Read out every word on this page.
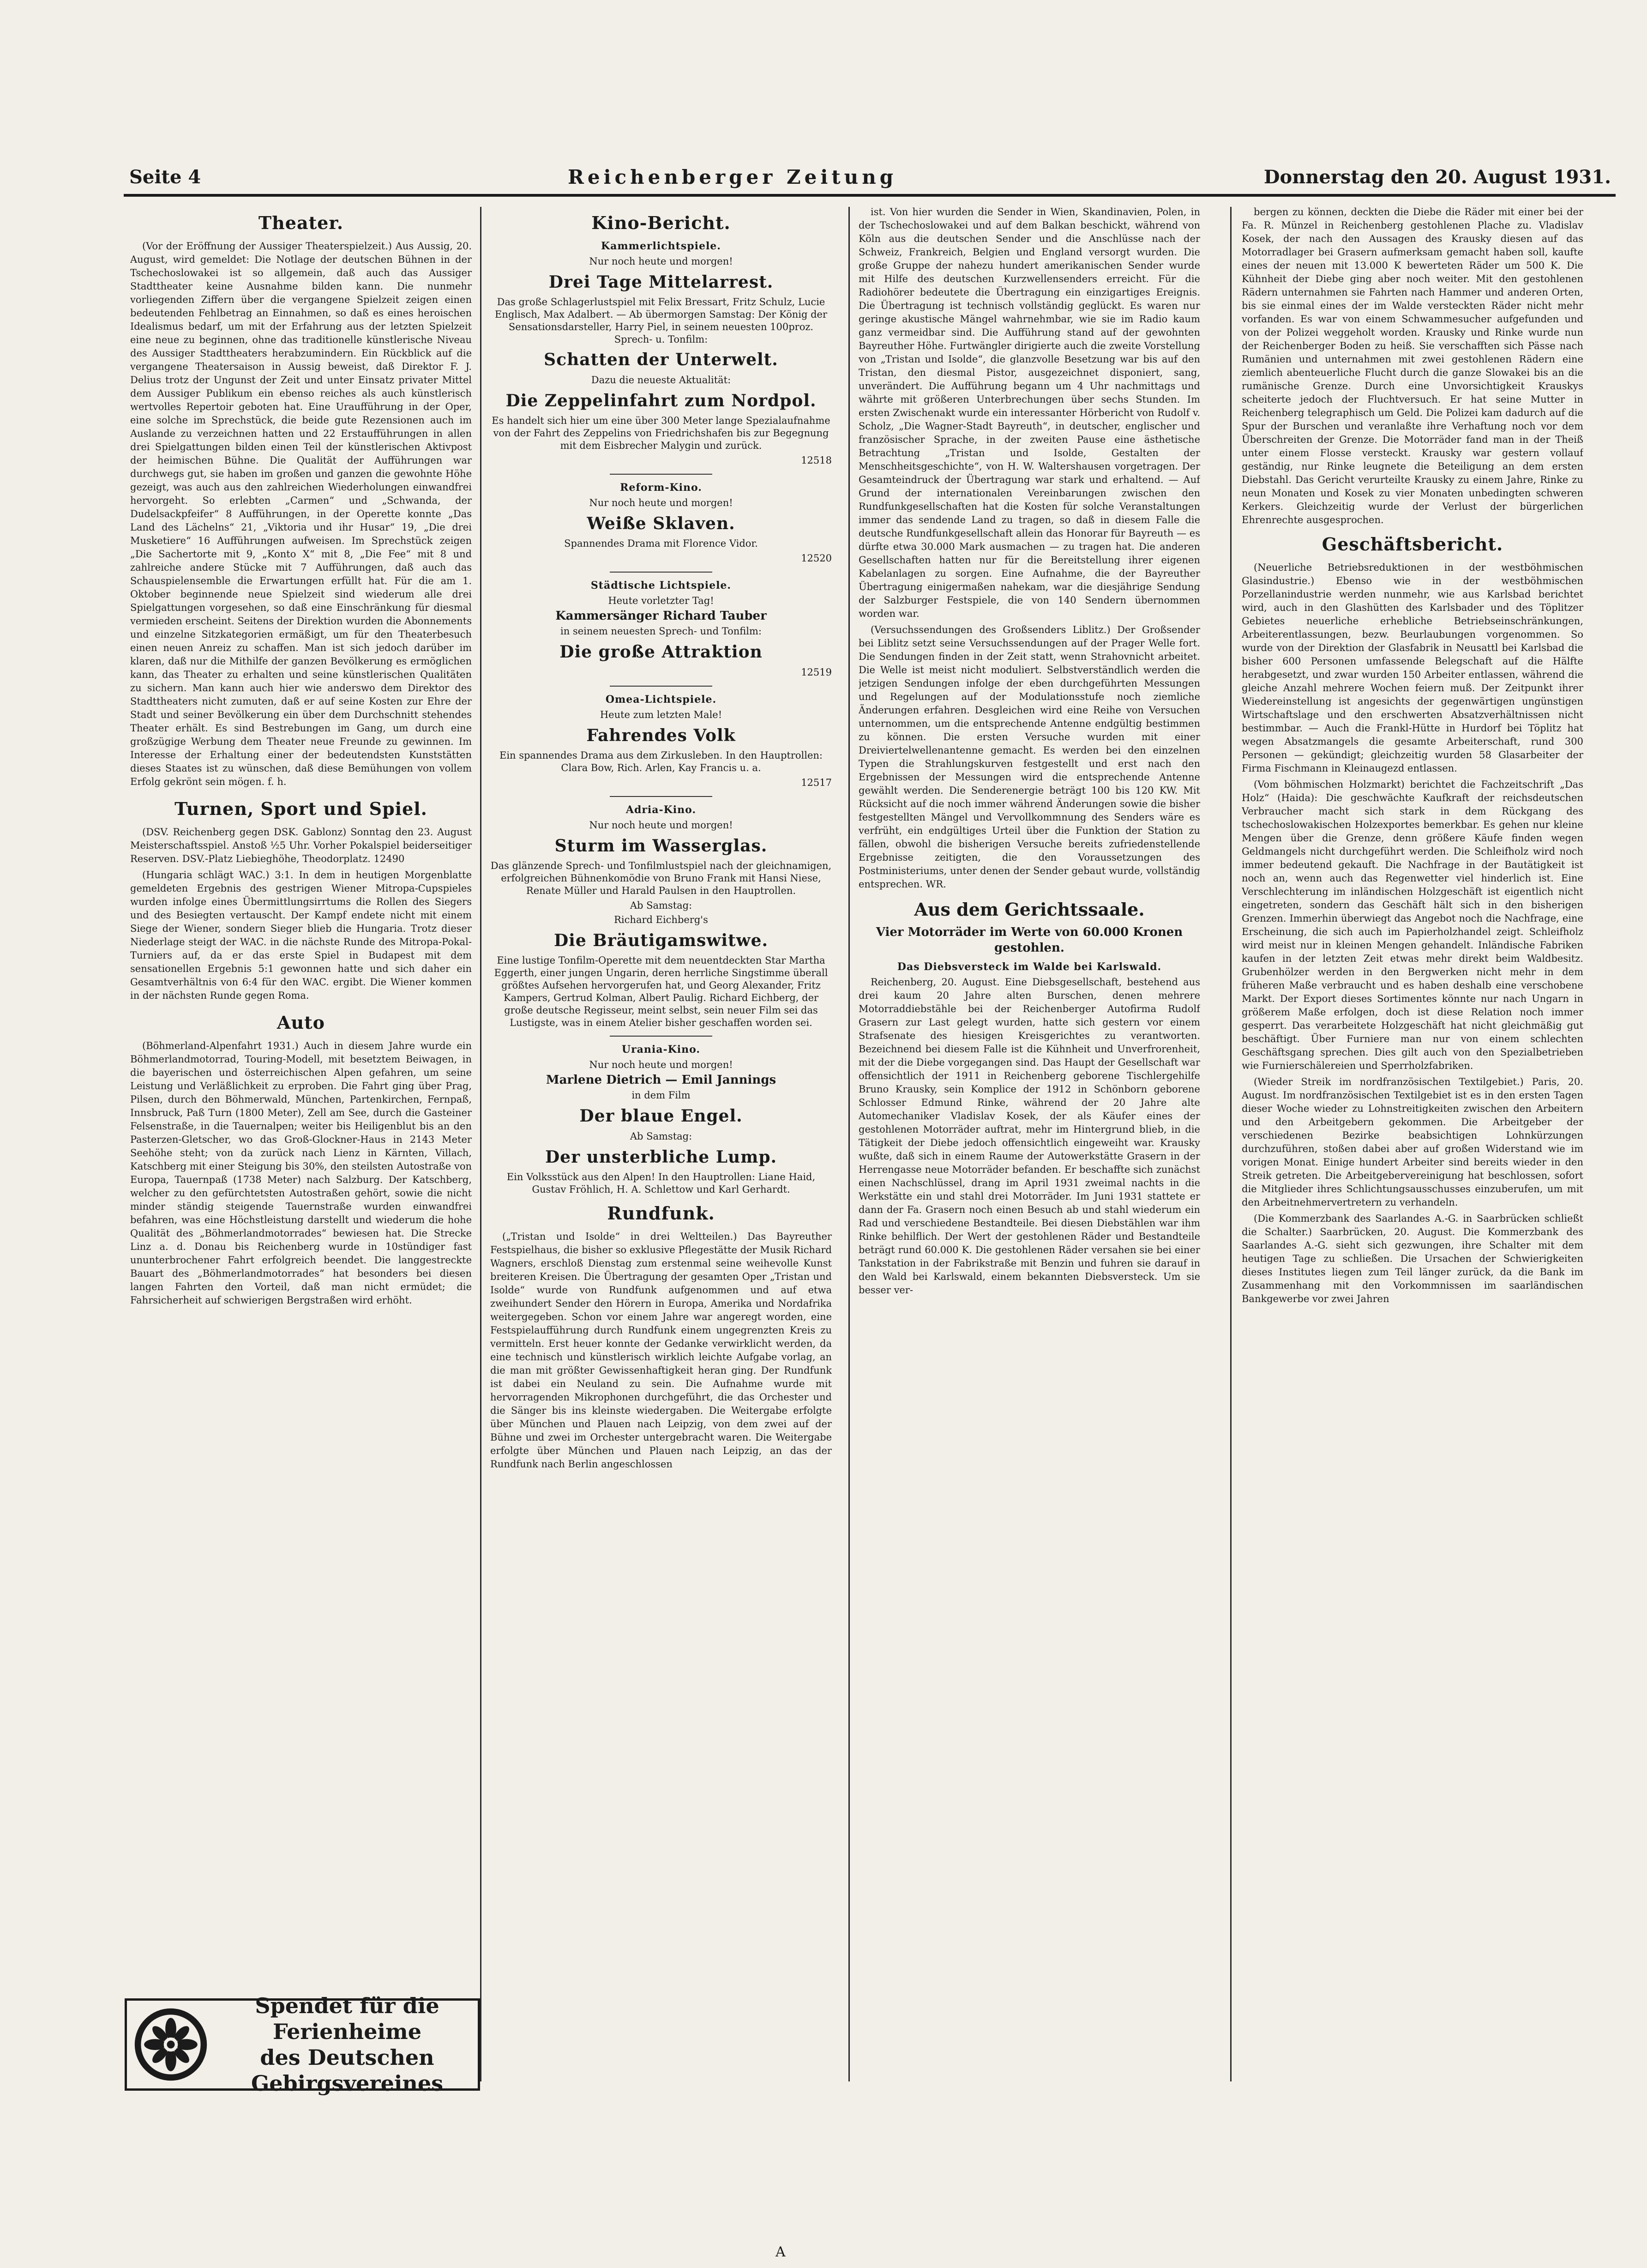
Seite 4	Reichenberger Zeitung	Donnerstag den 20. August 1931.
Theater.

(Vor der Eröffnung der Aussiger Theaterspielzeit.) Aus Aussig, 20. August, wird gemeldet: Die Notlage der deutschen Bühnen in der Tschechoslowakei ist so allgemein, daß auch das Aussiger Stadttheater keine Ausnahme bilden kann. Die nunmehr vorliegenden Ziffern über die vergangene Spielzeit zeigen einen bedeutenden Fehlbetrag an Einnahmen, so daß es eines heroischen Idealismus bedarf, um mit der Erfahrung aus der letzten Spielzeit eine neue zu beginnen, ohne das traditionelle künstlerische Niveau des Aussiger Stadttheaters herabzumindern. Ein Rückblick auf die vergangene Theatersaison in Aussig beweist, daß Direktor F. J. Delius trotz der Ungunst der Zeit und unter Einsatz privater Mittel dem Aussiger Publikum ein ebenso reiches als auch künstlerisch wertvolles Repertoir geboten hat. Eine Uraufführung in der Oper, eine solche im Sprechstück, die beide gute Rezensionen auch im Auslande zu verzeichnen hatten und 22 Erstaufführungen in allen drei Spielgattungen bilden einen Teil der künstlerischen Aktivpost der heimischen Bühne. Die Qualität der Aufführungen war durchwegs gut, sie haben im großen und ganzen die gewohnte Höhe gezeigt, was auch aus den zahlreichen Wiederholungen einwandfrei hervorgeht. So erlebten „Carmen“ und „Schwanda, der Dudelsackpfeifer“ 8 Aufführungen, in der Operette konnte „Das Land des Lächelns“ 21, „Viktoria und ihr Husar“ 19, „Die drei Musketiere“ 16 Aufführungen aufweisen. Im Sprechstück zeigen „Die Sachertorte mit 9, „Konto X“ mit 8, „Die Fee“ mit 8 und zahlreiche andere Stücke mit 7 Aufführungen, daß auch das Schauspielensemble die Erwartungen erfüllt hat. Für die am 1. Oktober beginnende neue Spielzeit sind wiederum alle drei Spielgattungen vorgesehen, so daß eine Einschränkung für diesmal vermieden erscheint. Seitens der Direktion wurden die Abonnements und einzelne Sitzkategorien ermäßigt, um für den Theaterbesuch einen neuen Anreiz zu schaffen. Man ist sich jedoch darüber im klaren, daß nur die Mithilfe der ganzen Bevölkerung es ermöglichen kann, das Theater zu erhalten und seine künstlerischen Qualitäten zu sichern. Man kann auch hier wie anderswo dem Direktor des Stadttheaters nicht zumuten, daß er auf seine Kosten zur Ehre der Stadt und seiner Bevölkerung ein über dem Durchschnitt stehendes Theater erhält. Es sind Bestrebungen im Gang, um durch eine großzügige Werbung dem Theater neue Freunde zu gewinnen. Im Interesse der Erhaltung einer der bedeutendsten Kunststätten dieses Staates ist zu wünschen, daß diese Bemühungen von vollem Erfolg gekrönt sein mögen. f. h.

Turnen, Sport und Spiel.

(DSV. Reichenberg gegen DSK. Gablonz) Sonntag den 23. August Meisterschaftsspiel. Anstoß ½5 Uhr. Vorher Pokalspiel beiderseitiger Reserven. DSV.-Platz Liebieghöhe, Theodorplatz. 12490

(Hungaria schlägt WAC.) 3:1. In dem in heutigen Morgenblatte gemeldeten Ergebnis des gestrigen Wiener Mitropa-Cupspieles wurden infolge eines Übermittlungsirrtums die Rollen des Siegers und des Besiegten vertauscht. Der Kampf endete nicht mit einem Siege der Wiener, sondern Sieger blieb die Hungaria. Trotz dieser Niederlage steigt der WAC. in die nächste Runde des Mitropa-Pokal-Turniers auf, da er das erste Spiel in Budapest mit dem sensationellen Ergebnis 5:1 gewonnen hatte und sich daher ein Gesamtverhältnis von 6:4 für den WAC. ergibt. Die Wiener kommen in der nächsten Runde gegen Roma.

Auto

(Böhmerland-Alpenfahrt 1931.) Auch in diesem Jahre wurde ein Böhmerlandmotorrad, Touring-Modell, mit besetztem Beiwagen, in die bayerischen und österreichischen Alpen gefahren, um seine Leistung und Verläßlichkeit zu erproben. Die Fahrt ging über Prag, Pilsen, durch den Böhmerwald, München, Partenkirchen, Fernpaß, Innsbruck, Paß Turn (1800 Meter), Zell am See, durch die Gasteiner Felsenstraße, in die Tauernalpen; weiter bis Heiligenblut bis an den Pasterzen-Gletscher, wo das Groß-Glockner-Haus in 2143 Meter Seehöhe steht; von da zurück nach Lienz in Kärnten, Villach, Katschberg mit einer Steigung bis 30%, den steilsten Autostraße von Europa, Tauernpaß (1738 Meter) nach Salzburg. Der Katschberg, welcher zu den gefürchtetsten Autostraßen gehört, sowie die nicht minder ständig steigende Tauernstraße wurden einwandfrei befahren, was eine Höchstleistung darstellt und wiederum die hohe Qualität des „Böhmerlandmotorrades“ bewiesen hat. Die Strecke Linz a. d. Donau bis Reichenberg wurde in 10stündiger fast ununterbrochener Fahrt erfolgreich beendet. Die langgestreckte Bauart des „Böhmerlandmotorrades“ hat besonders bei diesen langen Fahrten den Vorteil, daß man nicht ermüdet; die Fahrsicherheit auf schwierigen Bergstraßen wird erhöht.

Kino-Bericht.
Kammerlichtspiele.
Nur noch heute und morgen!
Drei Tage Mittelarrest.

Das große Schlagerlustspiel mit Felix Bressart, Fritz Schulz, Lucie Englisch, Max Adalbert. — Ab übermorgen Samstag: Der König der Sensationsdarsteller, Harry Piel, in seinem neuesten 100proz. Sprech- u. Tonfilm:

Schatten der Unterwelt.
Dazu die neueste Aktualität:
Die Zeppelinfahrt zum Nordpol.

Es handelt sich hier um eine über 300 Meter lange Spezialaufnahme von der Fahrt des Zeppelins von Friedrichshafen bis zur Begegnung mit dem Eisbrecher Malygin und zurück.

12518
Reform-Kino.
Nur noch heute und morgen!
Weiße Sklaven.

Spannendes Drama mit Florence Vidor.

12520
Städtische Lichtspiele.
Heute vorletzter Tag!
Kammersänger Richard Tauber
in seinem neuesten Sprech- und Tonfilm:
Die große Attraktion
12519
Omea-Lichtspiele.
Heute zum letzten Male!
Fahrendes Volk

Ein spannendes Drama aus dem Zirkusleben. In den Hauptrollen: Clara Bow, Rich. Arlen, Kay Francis u. a.

12517
Adria-Kino.
Nur noch heute und morgen!
Sturm im Wasserglas.

Das glänzende Sprech- und Tonfilmlustspiel nach der gleichnamigen, erfolgreichen Bühnenkomödie von Bruno Frank mit Hansi Niese, Renate Müller und Harald Paulsen in den Hauptrollen.

Ab Samstag:
Richard Eichberg's
Die Bräutigamswitwe.

Eine lustige Tonfilm-Operette mit dem neuentdeckten Star Martha Eggerth, einer jungen Ungarin, deren herrliche Singstimme überall größtes Aufsehen hervorgerufen hat, und Georg Alexander, Fritz Kampers, Gertrud Kolman, Albert Paulig. Richard Eichberg, der große deutsche Regisseur, meint selbst, sein neuer Film sei das Lustigste, was in einem Atelier bisher geschaffen worden sei.

Urania-Kino.
Nur noch heute und morgen!
Marlene Dietrich — Emil Jannings
in dem Film
Der blaue Engel.
Ab Samstag:
Der unsterbliche Lump.

Ein Volksstück aus den Alpen! In den Hauptrollen: Liane Haid, Gustav Fröhlich, H. A. Schlettow und Karl Gerhardt.

Rundfunk.

(„Tristan und Isolde“ in drei Weltteilen.) Das Bayreuther Festspielhaus, die bisher so exklusive Pflegestätte der Musik Richard Wagners, erschloß Dienstag zum erstenmal seine weihevolle Kunst breiteren Kreisen. Die Übertragung der gesamten Oper „Tristan und Isolde“ wurde von Rundfunk aufgenommen und auf etwa zweihundert Sender den Hörern in Europa, Amerika und Nordafrika weitergegeben. Schon vor einem Jahre war angeregt worden, eine Festspielaufführung durch Rundfunk einem ungegrenzten Kreis zu vermitteln. Erst heuer konnte der Gedanke verwirklicht werden, da eine technisch und künstlerisch wirklich leichte Aufgabe vorlag, an die man mit größter Gewissenhaftigkeit heran ging. Der Rundfunk ist dabei ein Neuland zu sein. Die Aufnahme wurde mit hervorragenden Mikrophonen durchgeführt, die das Orchester und die Sänger bis ins kleinste wiedergaben. Die Weitergabe erfolgte über München und Plauen nach Leipzig, von dem zwei auf der Bühne und zwei im Orchester untergebracht waren. Die Weitergabe erfolgte über München und Plauen nach Leipzig, an das der Rundfunk nach Berlin angeschlossen

ist. Von hier wurden die Sender in Wien, Skandinavien, Polen, in der Tschechoslowakei und auf dem Balkan beschickt, während von Köln aus die deutschen Sender und die Anschlüsse nach der Schweiz, Frankreich, Belgien und England versorgt wurden. Die große Gruppe der nahezu hundert amerikanischen Sender wurde mit Hilfe des deutschen Kurzwellensenders erreicht. Für die Radiohörer bedeutete die Übertragung ein einzigartiges Ereignis. Die Übertragung ist technisch vollständig geglückt. Es waren nur geringe akustische Mängel wahrnehmbar, wie sie im Radio kaum ganz vermeidbar sind. Die Aufführung stand auf der gewohnten Bayreuther Höhe. Furtwängler dirigierte auch die zweite Vorstellung von „Tristan und Isolde“, die glanzvolle Besetzung war bis auf den Tristan, den diesmal Pistor, ausgezeichnet disponiert, sang, unverändert. Die Aufführung begann um 4 Uhr nachmittags und währte mit größeren Unterbrechungen über sechs Stunden. Im ersten Zwischenakt wurde ein interessanter Hörbericht von Rudolf v. Scholz, „Die Wagner-Stadt Bayreuth“, in deutscher, englischer und französischer Sprache, in der zweiten Pause eine ästhetische Betrachtung „Tristan und Isolde, Gestalten der Menschheitsgeschichte“, von H. W. Waltershausen vorgetragen. Der Gesamteindruck der Übertragung war stark und erhaltend. — Auf Grund der internationalen Vereinbarungen zwischen den Rundfunkgesellschaften hat die Kosten für solche Veranstaltungen immer das sendende Land zu tragen, so daß in diesem Falle die deutsche Rundfunkgesellschaft allein das Honorar für Bayreuth — es dürfte etwa 30.000 Mark ausmachen — zu tragen hat. Die anderen Gesellschaften hatten nur für die Bereitstellung ihrer eigenen Kabelanlagen zu sorgen. Eine Aufnahme, die der Bayreuther Übertragung einigermaßen nahekam, war die diesjährige Sendung der Salzburger Festspiele, die von 140 Sendern übernommen worden war.

(Versuchssendungen des Großsenders Liblitz.) Der Großsender bei Liblitz setzt seine Versuchssendungen auf der Prager Welle fort. Die Sendungen finden in der Zeit statt, wenn Strahovnicht arbeitet. Die Welle ist meist nicht moduliert. Selbstverständlich werden die jetzigen Sendungen infolge der eben durchgeführten Messungen und Regelungen auf der Modulationsstufe noch ziemliche Änderungen erfahren. Desgleichen wird eine Reihe von Versuchen unternommen, um die entsprechende Antenne endgültig bestimmen zu können. Die ersten Versuche wurden mit einer Dreiviertelwellenantenne gemacht. Es werden bei den einzelnen Typen die Strahlungskurven festgestellt und erst nach den Ergebnissen der Messungen wird die entsprechende Antenne gewählt werden. Die Senderenergie beträgt 100 bis 120 KW. Mit Rücksicht auf die noch immer während Änderungen sowie die bisher festgestellten Mängel und Vervollkommnung des Senders wäre es verfrüht, ein endgültiges Urteil über die Funktion der Station zu fällen, obwohl die bisherigen Versuche bereits zufriedenstellende Ergebnisse zeitigten, die den Voraussetzungen des Postministeriums, unter denen der Sender gebaut wurde, vollständig entsprechen. WR.

Aus dem Gerichtssaale.
Vier Motorräder im Werte von 60.000 Kronen gestohlen.
Das Diebsversteck im Walde bei Karlswald.

Reichenberg, 20. August. Eine Diebsgesellschaft, bestehend aus drei kaum 20 Jahre alten Burschen, denen mehrere Motorraddiebstähle bei der Reichenberger Autofirma Rudolf Grasern zur Last gelegt wurden, hatte sich gestern vor einem Strafsenate des hiesigen Kreisgerichtes zu verantworten. Bezeichnend bei diesem Falle ist die Kühnheit und Unverfrorenheit, mit der die Diebe vorgegangen sind. Das Haupt der Gesellschaft war offensichtlich der 1911 in Reichenberg geborene Tischlergehilfe Bruno Krausky, sein Komplice der 1912 in Schönborn geborene Schlosser Edmund Rinke, während der 20 Jahre alte Automechaniker Vladislav Kosek, der als Käufer eines der gestohlenen Motorräder auftrat, mehr im Hintergrund blieb, in die Tätigkeit der Diebe jedoch offensichtlich eingeweiht war. Krausky wußte, daß sich in einem Raume der Autowerkstätte Grasern in der Herrengasse neue Motorräder befanden. Er beschaffte sich zunächst einen Nachschlüssel, drang im April 1931 zweimal nachts in die Werkstätte ein und stahl drei Motorräder. Im Juni 1931 stattete er dann der Fa. Grasern noch einen Besuch ab und stahl wiederum ein Rad und verschiedene Bestandteile. Bei diesen Diebstählen war ihm Rinke behilflich. Der Wert der gestohlenen Räder und Bestandteile beträgt rund 60.000 K. Die gestohlenen Räder versahen sie bei einer Tankstation in der Fabrikstraße mit Benzin und fuhren sie darauf in den Wald bei Karlswald, einem bekannten Diebsversteck. Um sie besser ver-

bergen zu können, deckten die Diebe die Räder mit einer bei der Fa. R. Münzel in Reichenberg gestohlenen Plache zu. Vladislav Kosek, der nach den Aussagen des Krausky diesen auf das Motorradlager bei Grasern aufmerksam gemacht haben soll, kaufte eines der neuen mit 13.000 K bewerteten Räder um 500 K. Die Kühnheit der Diebe ging aber noch weiter. Mit den gestohlenen Rädern unternahmen sie Fahrten nach Hammer und anderen Orten, bis sie einmal eines der im Walde versteckten Räder nicht mehr vorfanden. Es war von einem Schwammesucher aufgefunden und von der Polizei weggeholt worden. Krausky und Rinke wurde nun der Reichenberger Boden zu heiß. Sie verschafften sich Pässe nach Rumänien und unternahmen mit zwei gestohlenen Rädern eine ziemlich abenteuerliche Flucht durch die ganze Slowakei bis an die rumänische Grenze. Durch eine Unvorsichtigkeit Krauskys scheiterte jedoch der Fluchtversuch. Er hat seine Mutter in Reichenberg telegraphisch um Geld. Die Polizei kam dadurch auf die Spur der Burschen und veranlaßte ihre Verhaftung noch vor dem Überschreiten der Grenze. Die Motorräder fand man in der Theiß unter einem Flosse versteckt. Krausky war gestern vollauf geständig, nur Rinke leugnete die Beteiligung an dem ersten Diebstahl. Das Gericht verurteilte Krausky zu einem Jahre, Rinke zu neun Monaten und Kosek zu vier Monaten unbedingten schweren Kerkers. Gleichzeitig wurde der Verlust der bürgerlichen Ehrenrechte ausgesprochen.

Geschäftsbericht.

(Neuerliche Betriebsreduktionen in der westböhmischen Glasindustrie.) Ebenso wie in der westböhmischen Porzellanindustrie werden nunmehr, wie aus Karlsbad berichtet wird, auch in den Glashütten des Karlsbader und des Töplitzer Gebietes neuerliche erhebliche Betriebseinschränkungen, Arbeiterentlassungen, bezw. Beurlaubungen vorgenommen. So wurde von der Direktion der Glasfabrik in Neusattl bei Karlsbad die bisher 600 Personen umfassende Belegschaft auf die Hälfte herabgesetzt, und zwar wurden 150 Arbeiter entlassen, während die gleiche Anzahl mehrere Wochen feiern muß. Der Zeitpunkt ihrer Wiedereinstellung ist angesichts der gegenwärtigen ungünstigen Wirtschaftslage und den erschwerten Absatzverhältnissen nicht bestimmbar. — Auch die Frankl-Hütte in Hurdorf bei Töplitz hat wegen Absatzmangels die gesamte Arbeiterschaft, rund 300 Personen — gekündigt; gleichzeitig wurden 58 Glasarbeiter der Firma Fischmann in Kleinaugezd entlassen.

(Vom böhmischen Holzmarkt) berichtet die Fachzeitschrift „Das Holz“ (Haida): Die geschwächte Kaufkraft der reichsdeutschen Verbraucher macht sich stark in dem Rückgang des tschechoslowakischen Holzexportes bemerkbar. Es gehen nur kleine Mengen über die Grenze, denn größere Käufe finden wegen Geldmangels nicht durchgeführt werden. Die Schleifholz wird noch immer bedeutend gekauft. Die Nachfrage in der Bautätigkeit ist noch an, wenn auch das Regenwetter viel hinderlich ist. Eine Verschlechterung im inländischen Holzgeschäft ist eigentlich nicht eingetreten, sondern das Geschäft hält sich in den bisherigen Grenzen. Immerhin überwiegt das Angebot noch die Nachfrage, eine Erscheinung, die sich auch im Papierholzhandel zeigt. Schleifholz wird meist nur in kleinen Mengen gehandelt. Inländische Fabriken kaufen in der letzten Zeit etwas mehr direkt beim Waldbesitz. Grubenhölzer werden in den Bergwerken nicht mehr in dem früheren Maße verbraucht und es haben deshalb eine verschobene Markt. Der Export dieses Sortimentes könnte nur nach Ungarn in größerem Maße erfolgen, doch ist diese Relation noch immer gesperrt. Das verarbeitete Holzgeschäft hat nicht gleichmäßig gut beschäftigt. Über Furniere man nur von einem schlechten Geschäftsgang sprechen. Dies gilt auch von den Spezialbetrieben wie Furnierschälereien und Sperrholzfabriken.

(Wieder Streik im nordfranzösischen Textilgebiet.) Paris, 20. August. Im nordfranzösischen Textilgebiet ist es in den ersten Tagen dieser Woche wieder zu Lohnstreitigkeiten zwischen den Arbeitern und den Arbeitgebern gekommen. Die Arbeitgeber der verschiedenen Bezirke beabsichtigen Lohnkürzungen durchzuführen, stoßen dabei aber auf großen Widerstand wie im vorigen Monat. Einige hundert Arbeiter sind bereits wieder in den Streik getreten. Die Arbeitgebervereinigung hat beschlossen, sofort die Mitglieder ihres Schlichtungsausschusses einzuberufen, um mit den Arbeitnehmervertretern zu verhandeln.

(Die Kommerzbank des Saarlandes A.-G. in Saarbrücken schließt die Schalter.) Saarbrücken, 20. August. Die Kommerzbank des Saarlandes A.-G. sieht sich gezwungen, ihre Schalter mit dem heutigen Tage zu schließen. Die Ursachen der Schwierigkeiten dieses Institutes liegen zum Teil länger zurück, da die Bank im Zusammenhang mit den Vorkommnissen im saarländischen Bankgewerbe vor zwei Jahren

Spendet für die
Ferienheime
des Deutschen
Gebirgsvereines
A
